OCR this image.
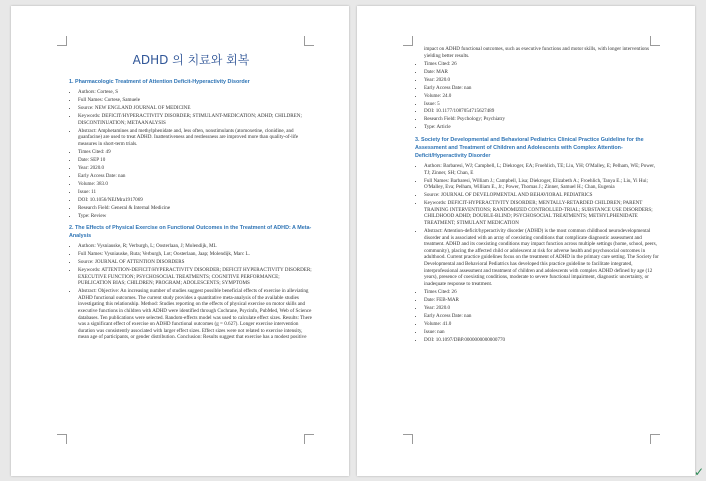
ADHD 의 치료와 회복
1. Pharmacologic Treatment of Attention Deficit-Hyperactivity Disorder
• Authors: Cortese, S
• Full Names: Cortese, Samuele
• Source: NEW ENGLAND JOURNAL OF MEDICINE
• Keywords: DEFICIT/HYPERACTIVITY DISORDER; STIMULANT-MEDICATION; ADHD; CHILDREN; DISCONTINUATION; METAANALYSIS
• Abstract: Amphetamines and methylphenidate and, less often, nonstimulants (atomoxetine, clonidine, and guanfacine) are used to treat ADHD. Inattentiveness and restlessness are improved more than quality-of-life measures in short-term trials.
• Times Cited: 49
• Date: SEP 10
• Year: 2020.0
• Early Access Date: nan
• Volume: 383.0
• Issue: 11
• DOI: 10.1056/NEJMra1917069
• Research Field: General & Internal Medicine
• Type: Review
2. The Effects of Physical Exercise on Functional Outcomes in the Treatment of ADHD: A Meta-Analysis
• Authors: Vysniauske, R; Verburgh, L; Oosterlaan, J; Molendijk, ML
• Full Names: Vysniauske, Ruta; Verburgh, Lot; Oosterlaan, Jaap; Molendijk, Marc L.
• Source: JOURNAL OF ATTENTION DISORDERS
• Keywords: ATTENTION-DEFICIT/HYPERACTIVITY DISORDER; DEFICIT HYPERACTIVITY DISORDER; EXECUTIVE FUNCTION; PSYCHOSOCIAL TREATMENTS; COGNITIVE PERFORMANCE; PUBLICATION BIAS; CHILDREN; PROGRAM; ADOLESCENTS; SYMPTOMS
• Abstract: Objective: An increasing number of studies suggest possible beneficial effects of exercise in alleviating ADHD functional outcomes. The current study provides a quantitative meta-analysis of the available studies investigating this relationship. Method: Studies reporting on the effects of physical exercise on motor skills and executive functions in children with ADHD were identified through Cochrane, Psycinfo, PubMed, Web of Science databases. Ten publications were selected. Random-effects model was used to calculate effect sizes. Results: There was a significant effect of exercise on ADHD functional outcomes (g = 0.627). Longer exercise intervention duration was consistently associated with larger effect sizes. Effect sizes were not related to exercise intensity, mean age of participants, or gender distribution. Conclusion: Results suggest that exercise has a modest positive
impact on ADHD functional outcomes, such as executive functions and motor skills, with longer interventions yielding better results.
• Times Cited: 26
• Date: MAR
• Year: 2020.0
• Early Access Date: nan
• Volume: 24.0
• Issue: 5
• DOI: 10.1177/1087054715627489
• Research Field: Psychology; Psychiatry
• Type: Article
3. Society for Developmental and Behavioral Pediatrics Clinical Practice Guideline for the Assessment and Treatment of Children and Adolescents with Complex Attention-Deficit/Hyperactivity Disorder
• Authors: Barbaresi, WJ; Campbell, L; Diekroger, EA; Froehlich, TE; Liu, YH; O'Malley, E; Pelham, WE; Power, TJ; Zinner, SH; Chan, E
• Full Names: Barbaresi, William J.; Campbell, Lisa; Diekroger, Elizabeth A.; Froehlich, Tanya E.; Liu, Yi Hui; O'Malley, Eva; Pelham, William E., Jr.; Power, Thomas J.; Zinner, Samuel H.; Chan, Eugenia
• Source: JOURNAL OF DEVELOPMENTAL AND BEHAVIORAL PEDIATRICS
• Keywords: DEFICIT-HYPERACTIVITY DISORDER; MENTALLY-RETARDED CHILDREN; PARENT TRAINING INTERVENTIONS; RANDOMIZED CONTROLLED-TRIAL; SUBSTANCE USE DISORDERS; CHILDHOOD ADHD; DOUBLE-BLIND; PSYCHOSOCIAL TREATMENTS; METHYLPHENIDATE TREATMENT; STIMULANT MEDICATION
• Abstract: Attention-deficit/hyperactivity disorder (ADHD) is the most common childhood neurodevelopmental disorder and is associated with an array of coexisting conditions that complicate diagnostic assessment and treatment. ADHD and its coexisting conditions may impact function across multiple settings (home, school, peers, community), placing the affected child or adolescent at risk for adverse health and psychosocial outcomes in adulthood. Current practice guidelines focus on the treatment of ADHD in the primary care setting. The Society for Developmental and Behavioral Pediatrics has developed this practice guideline to facilitate integrated, interprofessional assessment and treatment of children and adolescents with complex ADHD defined by age (12 years), presence of coexisting conditions, moderate to severe functional impairment, diagnostic uncertainty, or inadequate response to treatment.
• Times Cited: 26
• Date: FEB-MAR
• Year: 2020.0
• Early Access Date: nan
• Volume: 41.0
• Issue: nan
• DOI: 10.1097/DBP.0000000000000770
✓
